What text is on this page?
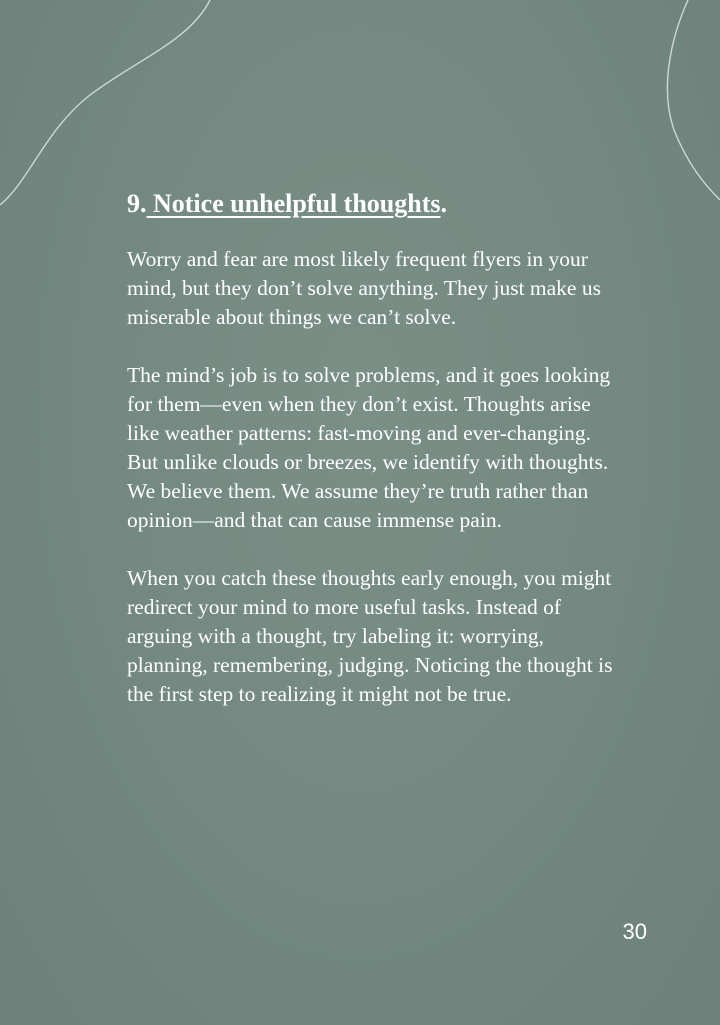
9. Notice unhelpful thoughts.

Worry and fear are most likely frequent flyers in your mind, but they don’t solve anything. They just make us miserable about things we can’t solve.

The mind’s job is to solve problems, and it goes looking for them—even when they don’t exist. Thoughts arise like weather patterns: fast-moving and ever-changing. But unlike clouds or breezes, we identify with thoughts. We believe them. We assume they’re truth rather than opinion—and that can cause immense pain.

When you catch these thoughts early enough, you might redirect your mind to more useful tasks. Instead of arguing with a thought, try labeling it: worrying, planning, remembering, judging. Noticing the thought is the first step to realizing it might not be true.

30
